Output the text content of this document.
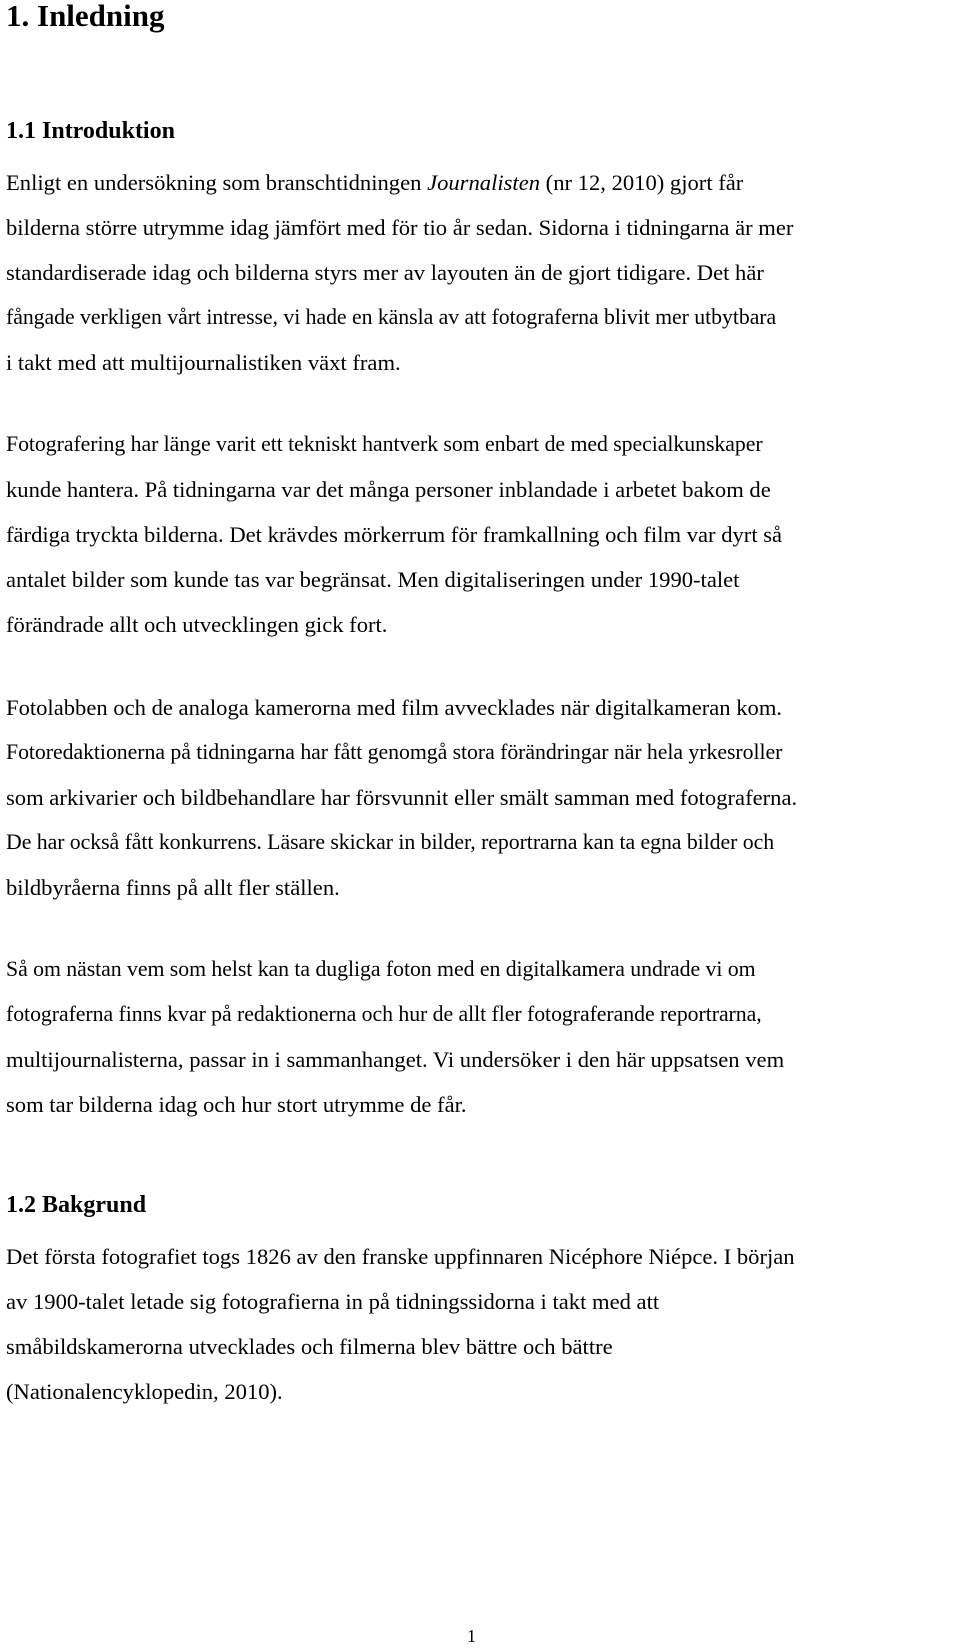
1. Inledning
1.1 Introduktion
Enligt en undersökning som branschtidningen Journalisten (nr 12, 2010) gjort får
bilderna större utrymme idag jämfört med för tio år sedan. Sidorna i tidningarna är mer
standardiserade idag och bilderna styrs mer av layouten än de gjort tidigare. Det här
fångade verkligen vårt intresse, vi hade en känsla av att fotograferna blivit mer utbytbara
i takt med att multijournalistiken växt fram.
Fotografering har länge varit ett tekniskt hantverk som enbart de med specialkunskaper
kunde hantera. På tidningarna var det många personer inblandade i arbetet bakom de
färdiga tryckta bilderna. Det krävdes mörkerrum för framkallning och film var dyrt så
antalet bilder som kunde tas var begränsat. Men digitaliseringen under 1990-talet
förändrade allt och utvecklingen gick fort.
Fotolabben och de analoga kamerorna med film avvecklades när digitalkameran kom.
Fotoredaktionerna på tidningarna har fått genomgå stora förändringar när hela yrkesroller
som arkivarier och bildbehandlare har försvunnit eller smält samman med fotograferna.
De har också fått konkurrens. Läsare skickar in bilder, reportrarna kan ta egna bilder och
bildbyråerna finns på allt fler ställen.
Så om nästan vem som helst kan ta dugliga foton med en digitalkamera undrade vi om
fotograferna finns kvar på redaktionerna och hur de allt fler fotograferande reportrarna,
multijournalisterna, passar in i sammanhanget. Vi undersöker i den här uppsatsen vem
som tar bilderna idag och hur stort utrymme de får.
1.2 Bakgrund
Det första fotografiet togs 1826 av den franske uppfinnaren Nicéphore Niépce. I början
av 1900-talet letade sig fotografierna in på tidningssidorna i takt med att
småbildskamerorna utvecklades och filmerna blev bättre och bättre
(Nationalencyklopedin, 2010).
1
